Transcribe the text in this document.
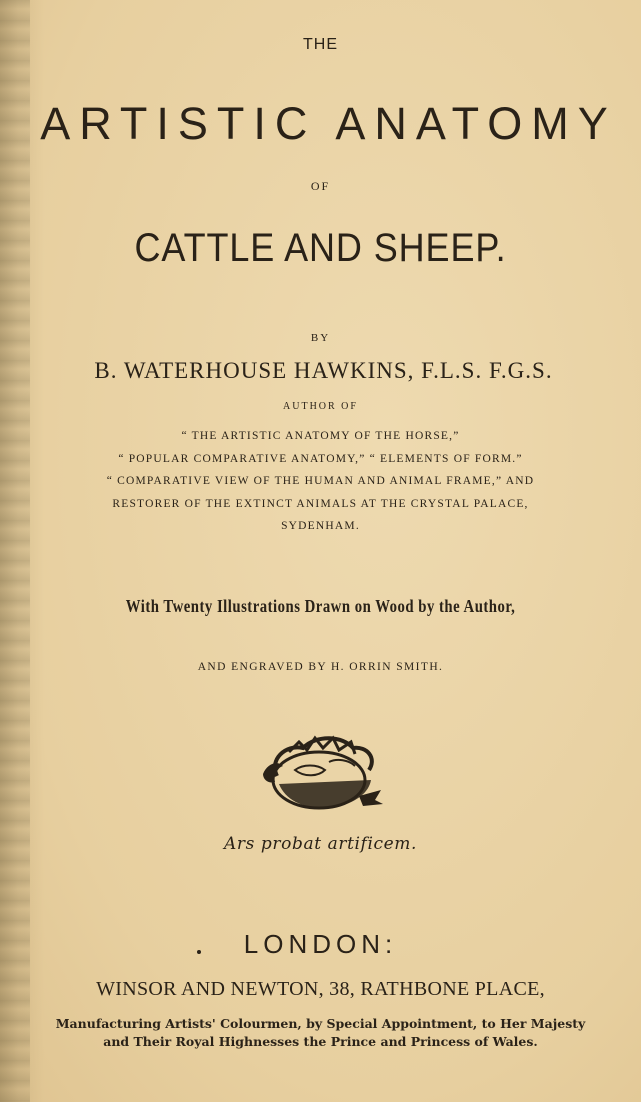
THE
ARTISTIC ANATOMY
OF
CATTLE AND SHEEP.
BY
B. WATERHOUSE HAWKINS, F.L.S. F.G.S.
AUTHOR OF
“ THE ARTISTIC ANATOMY OF THE HORSE,”
“ POPULAR COMPARATIVE ANATOMY,” “ ELEMENTS OF FORM.”
“ COMPARATIVE VIEW OF THE HUMAN AND ANIMAL FRAME,” AND
RESTORER OF THE EXTINCT ANIMALS AT THE CRYSTAL PALACE,
SYDENHAM.
With Twenty Illustrations Drawn on Wood by the Author,
AND ENGRAVED BY H. ORRIN SMITH.
Ars probat artificem.
LONDON:
WINSOR AND NEWTON, 38, RATHBONE PLACE,
Manufacturing Artists' Colourmen, by Special Appointment, to Her Majesty
and Their Royal Highnesses the Prince and Princess of Wales.
